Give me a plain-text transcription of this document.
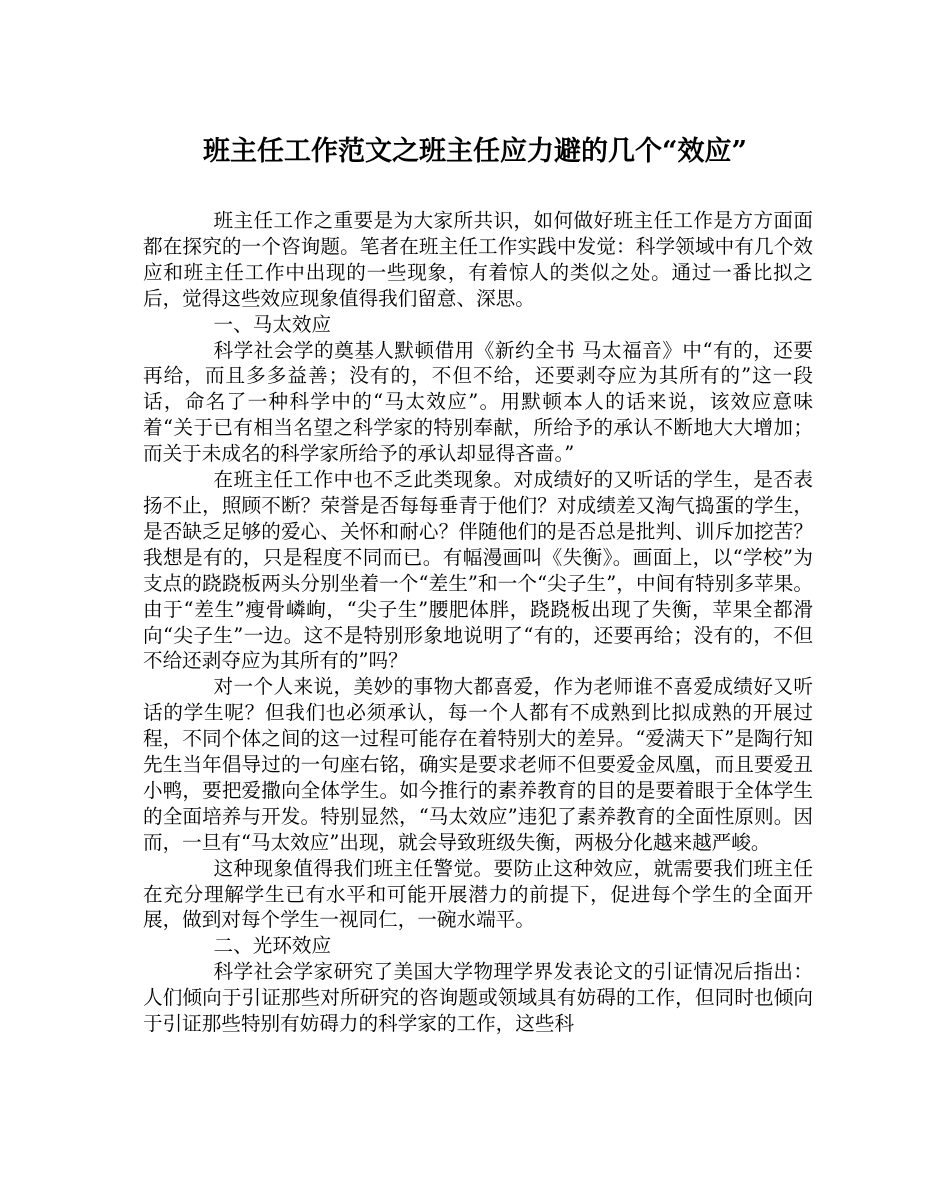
班主任工作范文之班主任应力避的几个“效应”

班主任工作之重要是为大家所共识，如何做好班主任工作是方方面面都在探究的一个咨询题。笔者在班主任工作实践中发觉：科学领域中有几个效应和班主任工作中出现的一些现象，有着惊人的类似之处。通过一番比拟之后，觉得这些效应现象值得我们留意、深思。

一、马太效应

科学社会学的奠基人默顿借用《新约全书 马太福音》中“有的，还要再给，而且多多益善；没有的，不但不给，还要剥夺应为其所有的”这一段话，命名了一种科学中的“马太效应”。用默顿本人的话来说，该效应意味着“关于已有相当名望之科学家的特别奉献，所给予的承认不断地大大增加；而关于未成名的科学家所给予的承认却显得吝啬。”

在班主任工作中也不乏此类现象。对成绩好的又听话的学生，是否表扬不止，照顾不断？荣誉是否每每垂青于他们？对成绩差又淘气捣蛋的学生，是否缺乏足够的爱心、关怀和耐心？伴随他们的是否总是批判、训斥加挖苦？我想是有的，只是程度不同而已。有幅漫画叫《失衡》。画面上，以“学校”为支点的跷跷板两头分别坐着一个“差生”和一个“尖子生”，中间有特别多苹果。由于“差生”瘦骨嶙峋，“尖子生”腰肥体胖，跷跷板出现了失衡，苹果全都滑向“尖子生”一边。这不是特别形象地说明了“有的，还要再给；没有的，不但不给还剥夺应为其所有的”吗？

对一个人来说，美妙的事物大都喜爱，作为老师谁不喜爱成绩好又听话的学生呢？但我们也必须承认，每一个人都有不成熟到比拟成熟的开展过程，不同个体之间的这一过程可能存在着特别大的差异。“爱满天下”是陶行知先生当年倡导过的一句座右铭，确实是要求老师不但要爱金凤凰，而且要爱丑小鸭，要把爱撒向全体学生。如今推行的素养教育的目的是要着眼于全体学生的全面培养与开发。特别显然，“马太效应”违犯了素养教育的全面性原则。因而，一旦有“马太效应”出现，就会导致班级失衡，两极分化越来越严峻。

这种现象值得我们班主任警觉。要防止这种效应，就需要我们班主任在充分理解学生已有水平和可能开展潜力的前提下，促进每个学生的全面开展，做到对每个学生一视同仁，一碗水端平。

二、光环效应

科学社会学家研究了美国大学物理学界发表论文的引证情况后指出：人们倾向于引证那些对所研究的咨询题或领域具有妨碍的工作，但同时也倾向于引证那些特别有妨碍力的科学家的工作，这些科
